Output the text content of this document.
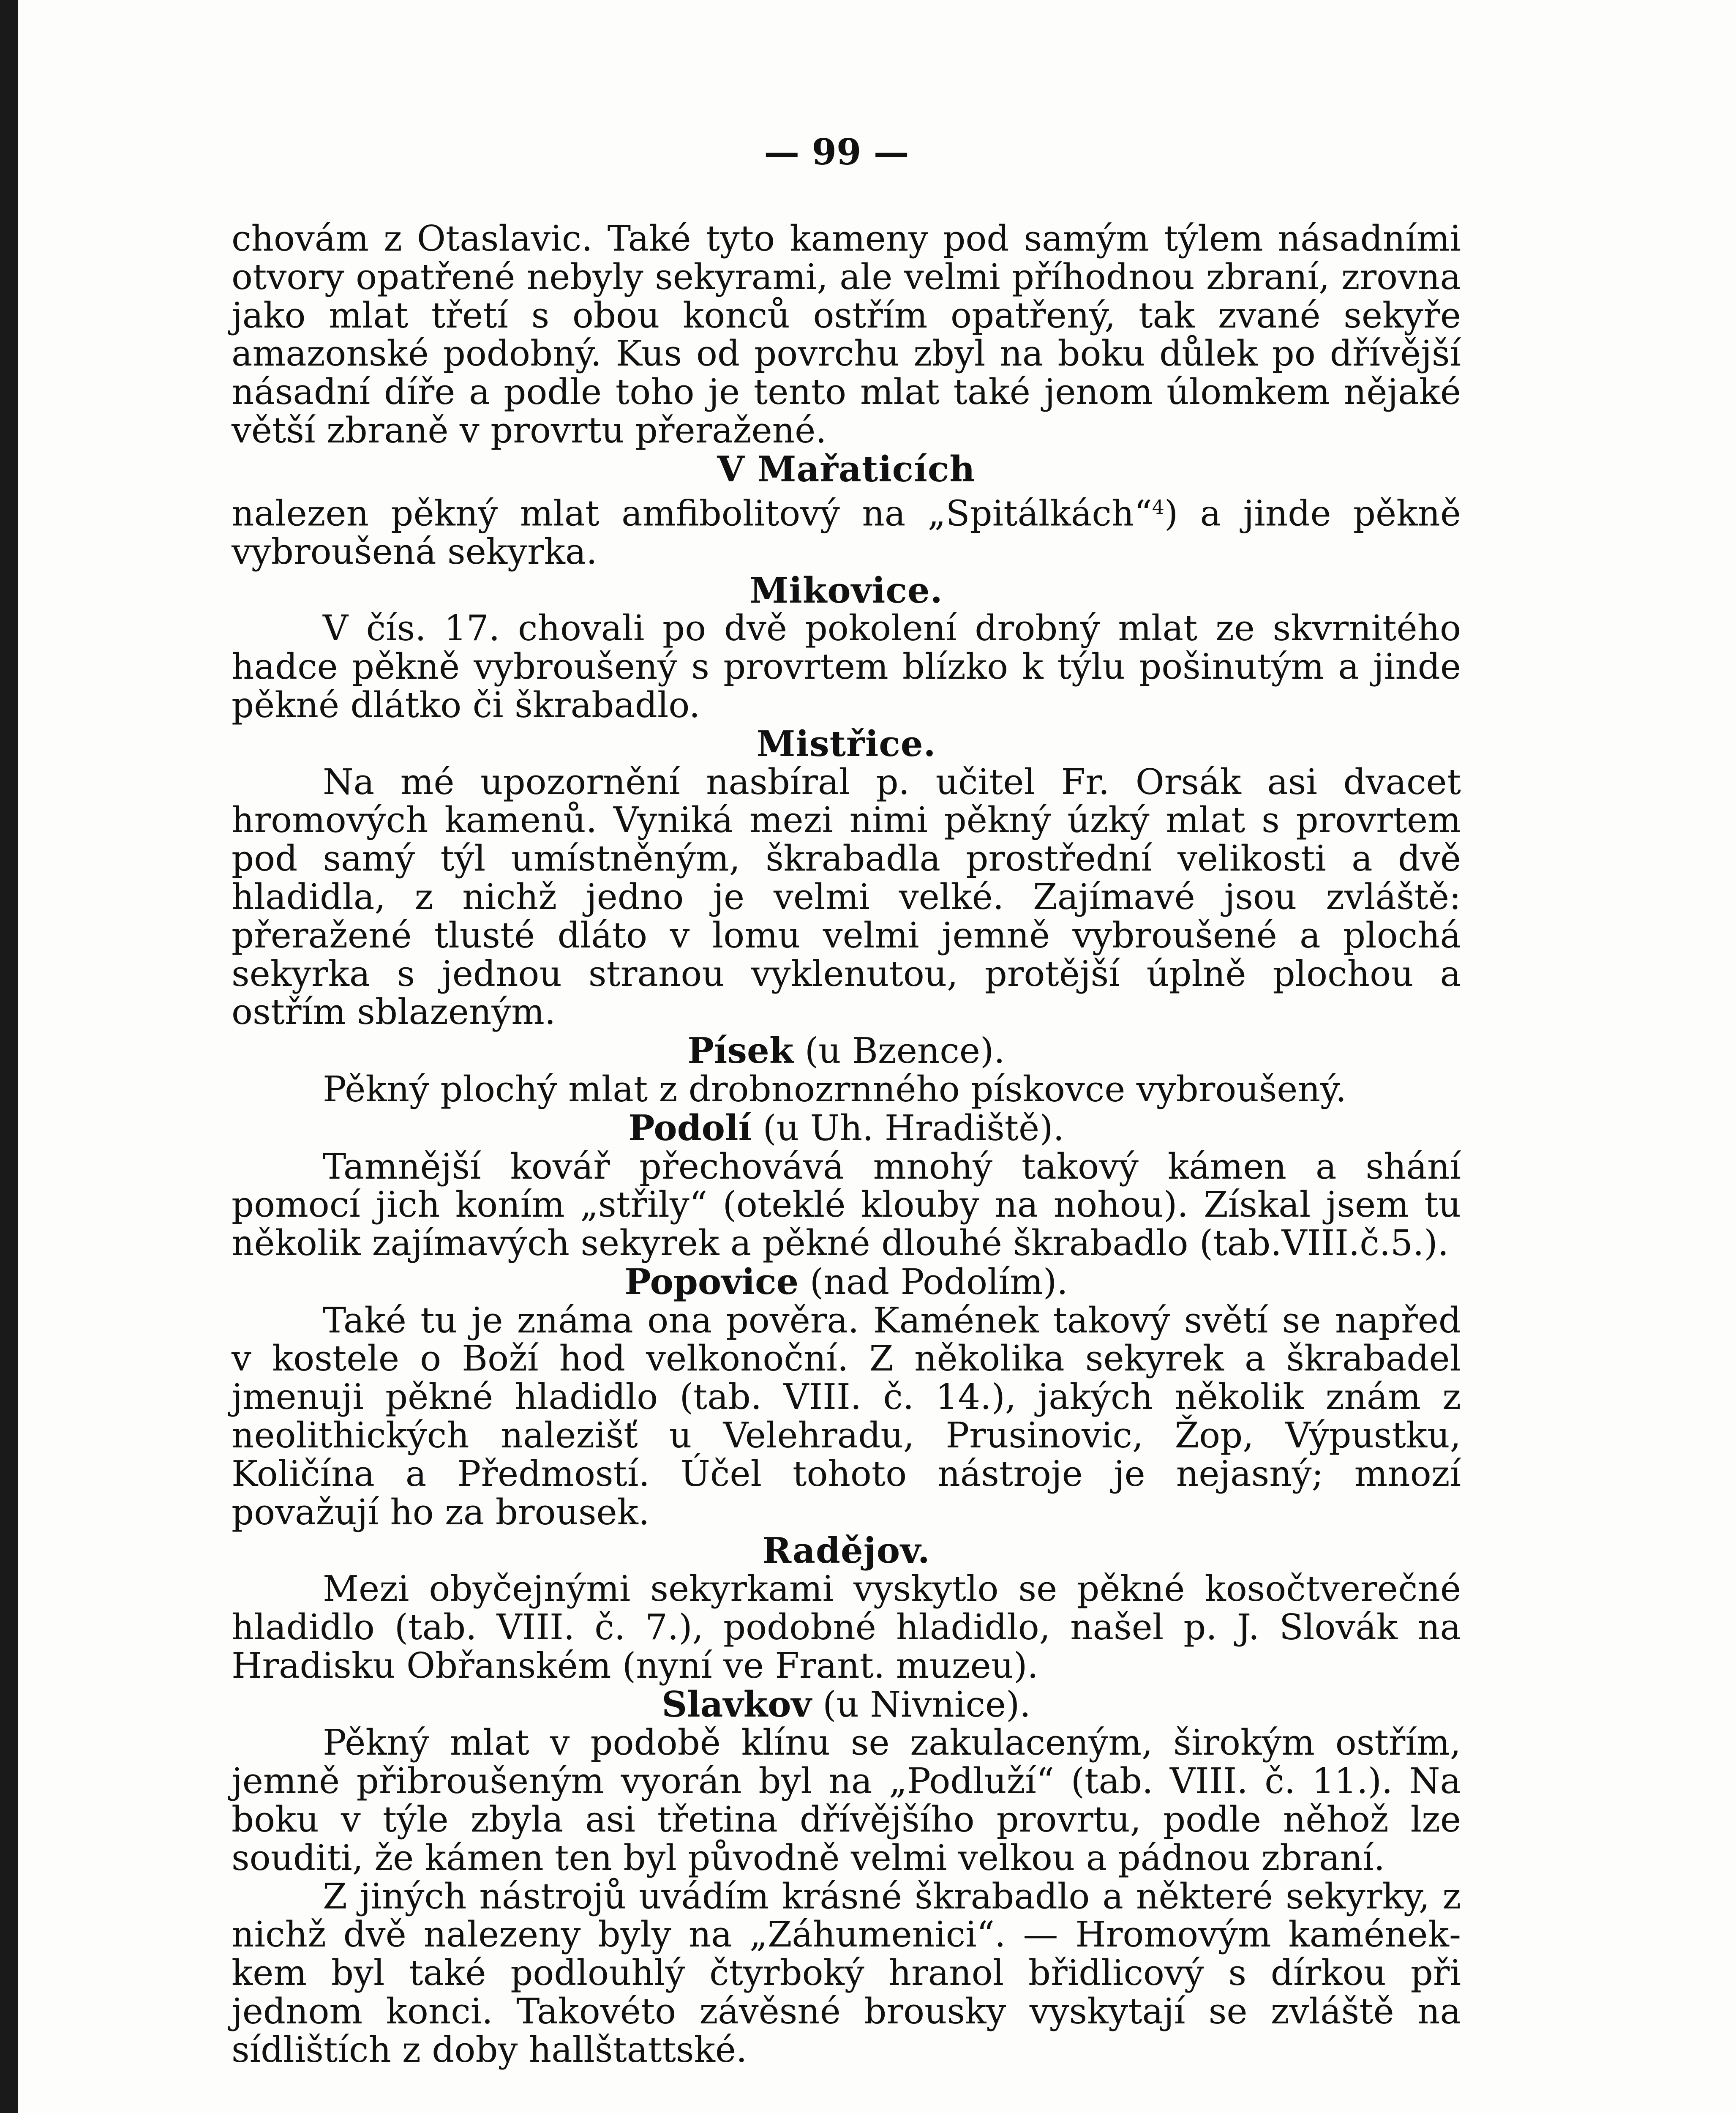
— 99 —

chovám z Otaslavic. Také tyto kameny pod samým týlem násadními otvory opatřené nebyly sekyrami, ale velmi příhodnou zbraní, zrovna jako mlat třetí s obou konců ostřím opatřený, tak zvané sekyře amazonské podobný. Kus od povrchu zbyl na boku důlek po dřívější násadní díře a podle toho je tento mlat také jenom úlomkem nějaké větší zbraně v provrtu přeražené.

V Mařaticích

nalezen pěkný mlat amfibolitový na „Spitálkách“$^4$) a jinde pěkně vybroušená sekyrka.

Mikovice.

V čís. 17. chovali po dvě pokolení drobný mlat ze skvrnitého hadce pěkně vybroušený s provrtem blízko k týlu pošinutým a jinde pěkné dlátko či škrabadlo.

Mistřice.

Na mé upozornění nasbíral p. učitel Fr. Orsák asi dvacet hromových kamenů. Vyniká mezi nimi pěkný úzký mlat s provrtem pod samý týl umístněným, škrabadla prostřední velikosti a dvě hladidla, z nichž jedno je velmi velké. Zajímavé jsou zvláště: přeražené tlusté dláto v lomu velmi jemně vybroušené a plochá sekyrka s jednou stranou vyklenutou, protější úplně plochou a ostřím sblazeným.

Písek (u Bzence).

Pěkný plochý mlat z drobnozrnného pískovce vybroušený.

Podolí (u Uh. Hradiště).

Tamnější kovář přechovává mnohý takový kámen a shání pomocí jich koním „střily“ (oteklé klouby na nohou). Získal jsem tu několik zajímavých sekyrek a pěkné dlouhé škrabadlo (tab.VIII.č.5.).

Popovice (nad Podolím).

Také tu je známa ona pověra. Kamének takový světí se napřed v kostele o Boží hod velkonoční. Z několika sekyrek a škrabadel jmenuji pěkné hladidlo (tab. VIII. č. 14.), jakých několik znám z neolithických nalezišť u Velehradu, Prusinovic, Žop, Výpustku, Količína a Předmostí. Účel tohoto nástroje je nejasný; mnozí považují ho za brousek.

Radějov.

Mezi obyčejnými sekyrkami vyskytlo se pěkné kosočtverečné hladidlo (tab. VIII. č. 7.), podobné hladidlo, našel p. J. Slovák na Hradisku Obřanském (nyní ve Frant. muzeu).

Slavkov (u Nivnice).

Pěkný mlat v podobě klínu se zakulaceným, širokým ostřím, jemně přibroušeným vyorán byl na „Podluží“ (tab. VIII. č. 11.). Na boku v týle zbyla asi třetina dřívějšího provrtu, podle něhož lze souditi, že kámen ten byl původně velmi velkou a pádnou zbraní.

Z jiných nástrojů uvádím krásné škrabadlo a některé sekyrky, z nichž dvě nalezeny byly na „Záhumenici“. — Hromovým kaménekkem byl také podlouhlý čtyrboký hranol břidlicový s dírkou při jednom konci. Takovéto závěsné brousky vyskytají se zvláště na sídlištích z doby hallštattské.
